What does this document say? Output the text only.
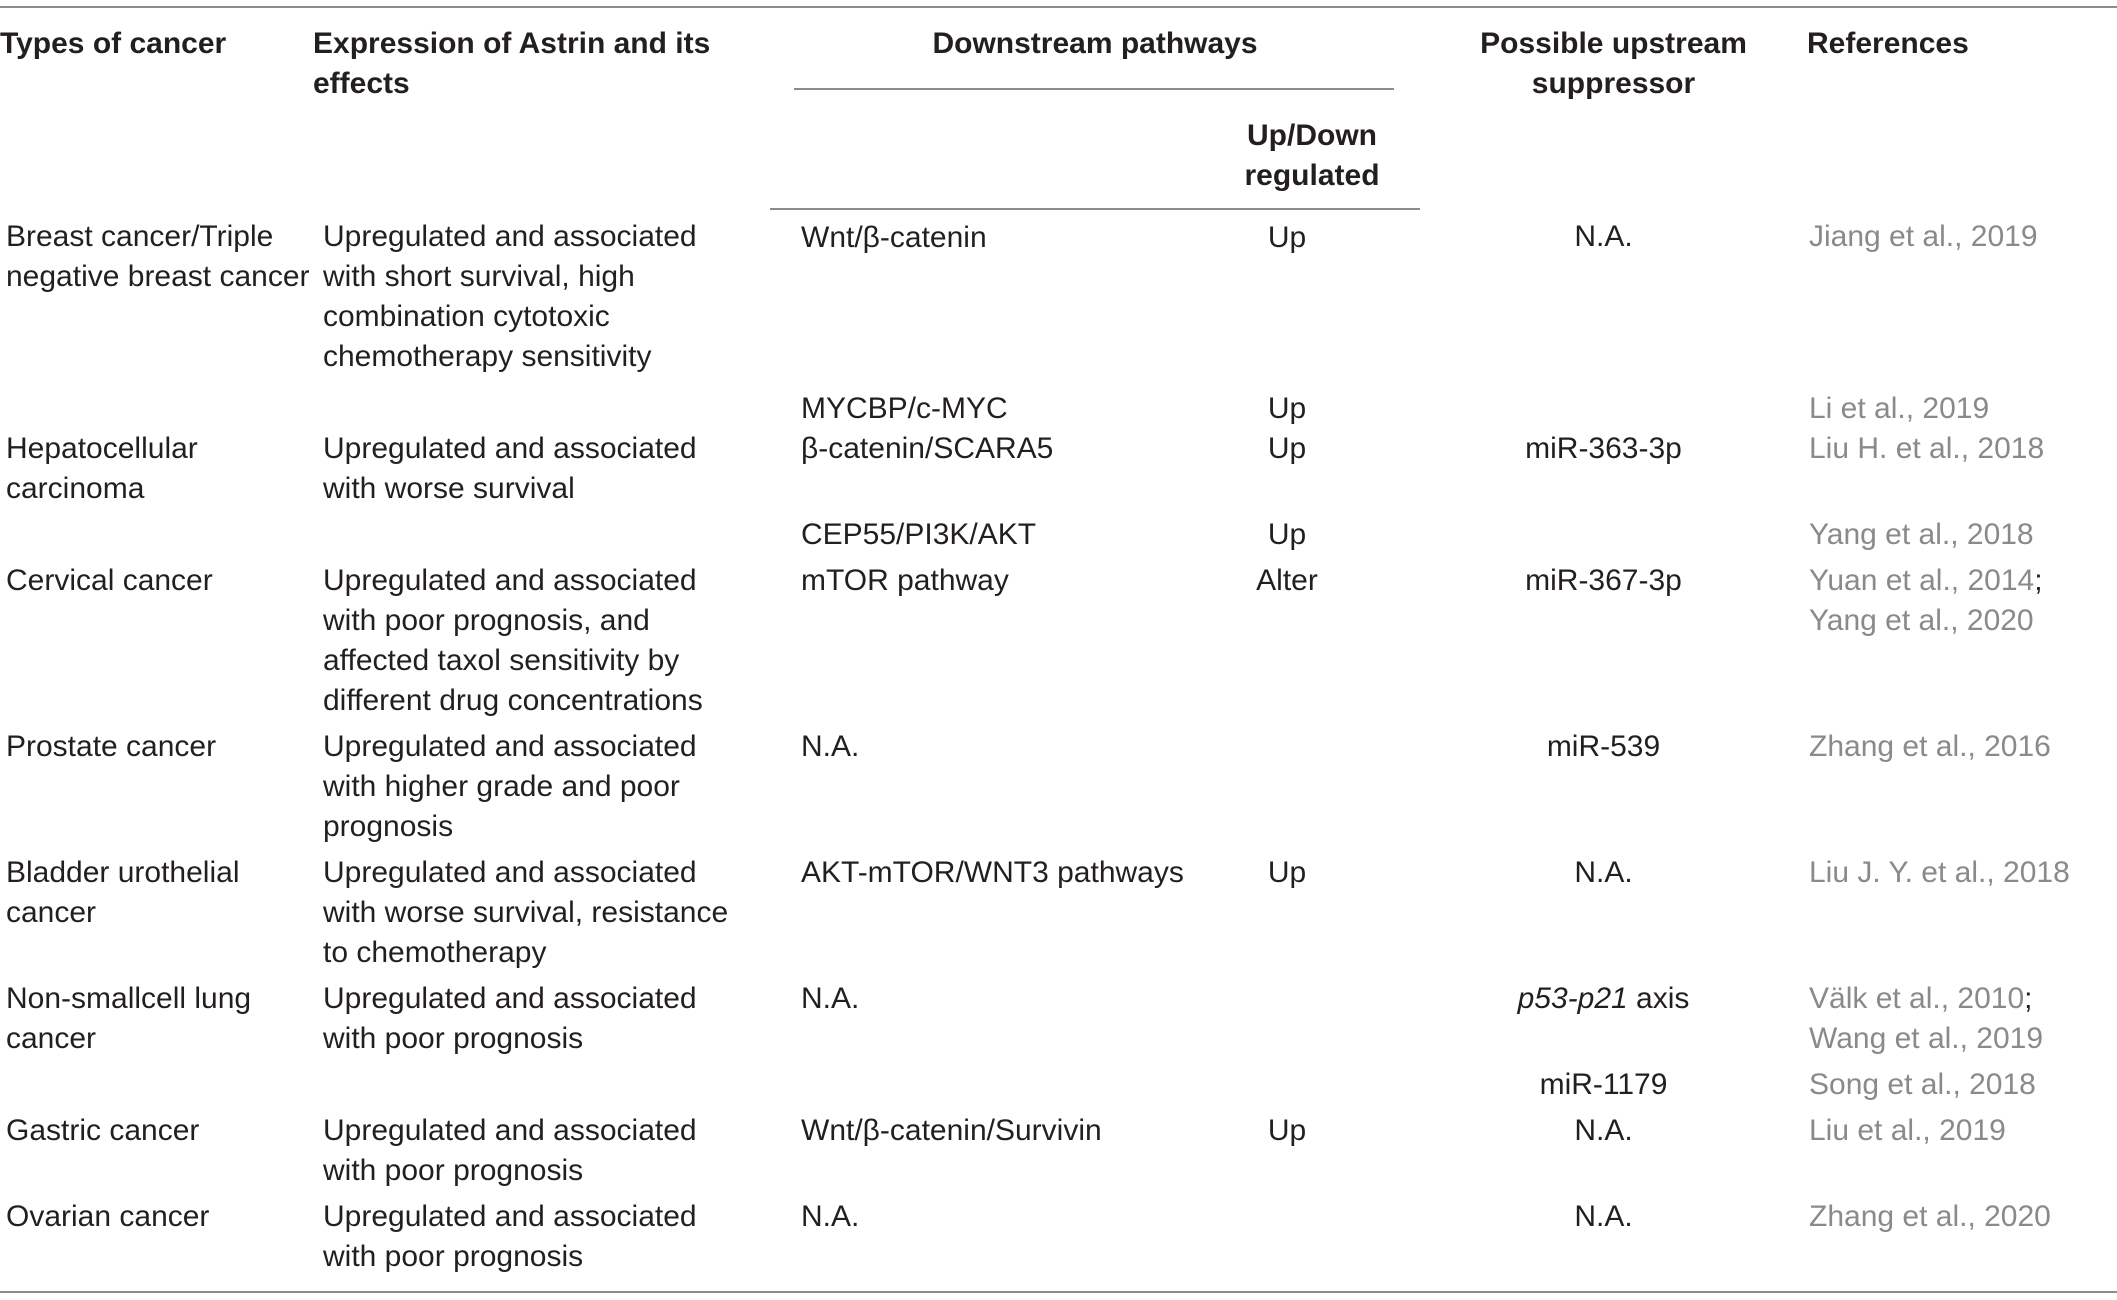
Types of cancer	Expression of Astrin and its effects	Downstream pathways		Possible upstream suppressor	References
			Up/Down regulated		
Breast cancer/Triple negative breast cancer	Upregulated and associated with short survival, high combination cytotoxic chemotherapy sensitivity	Wnt/β-catenin	Up	N.A.	Jiang et al., 2019
		MYCBP/c-MYC	Up		Li et al., 2019
Hepatocellular carcinoma	Upregulated and associated with worse survival	β-catenin/SCARA5	Up	miR-363-3p	Liu H. et al., 2018
		CEP55/PI3K/AKT	Up		Yang et al., 2018
Cervical cancer	Upregulated and associated with poor prognosis, and affected taxol sensitivity by different drug concentrations	mTOR pathway	Alter	miR-367-3p	Yuan et al., 2014; Yang et al., 2020
Prostate cancer	Upregulated and associated with higher grade and poor prognosis	N.A.		miR-539	Zhang et al., 2016
Bladder urothelial cancer	Upregulated and associated with worse survival, resistance to chemotherapy	AKT-mTOR/WNT3 pathways	Up	N.A.	Liu J. Y. et al., 2018
Non-smallcell lung cancer	Upregulated and associated with poor prognosis	N.A.		p53-p21 axis	Välk et al., 2010; Wang et al., 2019
				miR-1179	Song et al., 2018
Gastric cancer	Upregulated and associated with poor prognosis	Wnt/β-catenin/Survivin	Up	N.A.	Liu et al., 2019
Ovarian cancer	Upregulated and associated with poor prognosis	N.A.		N.A.	Zhang et al., 2020
